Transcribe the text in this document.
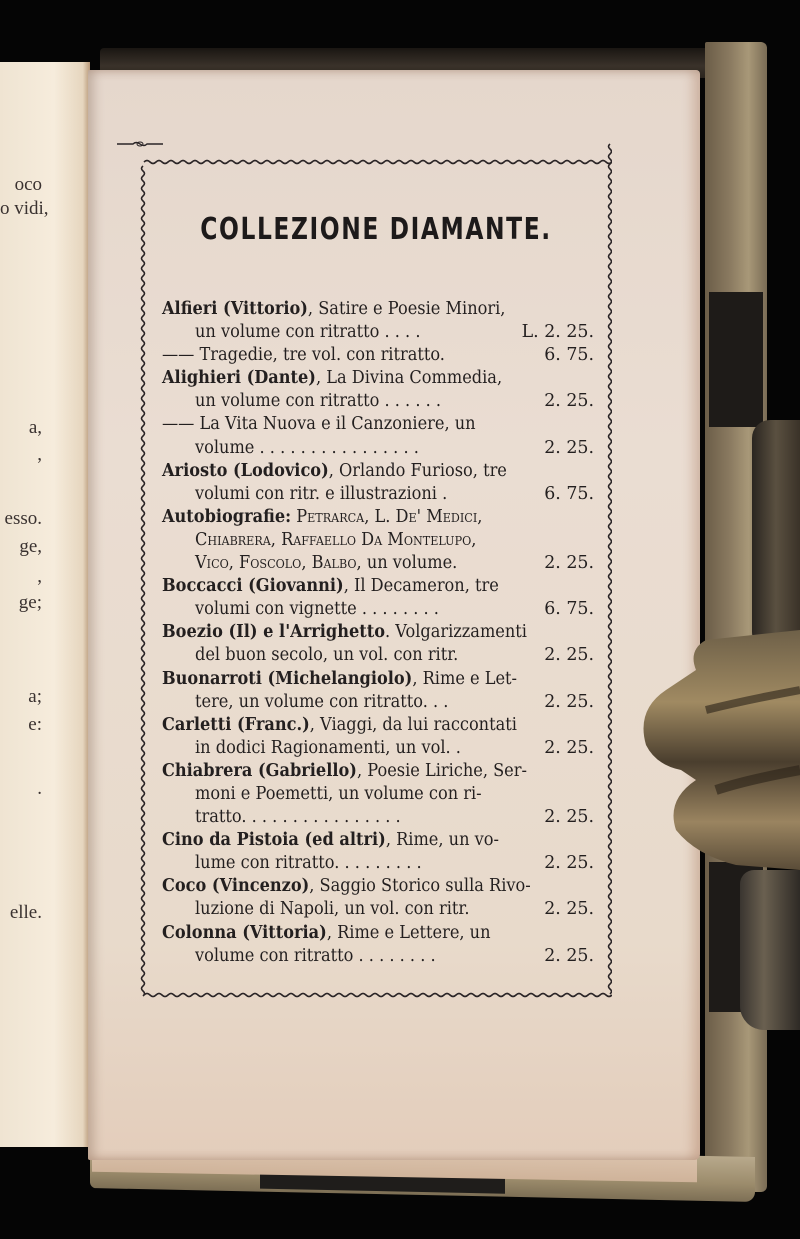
oco
o vidi,
a,
,
esso.
ge,
,
ge;
a;
e:
.
elle.
COLLEZIONE DIAMANTE.
Alfieri (Vittorio), Satire e Poesie Minori,
un volume con ritratto . . . .	L. 2. 25.
—— Tragedie, tre vol. con ritratto.	6. 75.
Alighieri (Dante), La Divina Commedia,
un volume con ritratto . . . . . .	2. 25.
—— La Vita Nuova e il Canzoniere, un
volume . . . . . . . . . . . . . . . .	2. 25.
Ariosto (Lodovico), Orlando Furioso, tre
volumi con ritr. e illustrazioni .	6. 75.
Autobiografie: Petrarca, L. De' Medici,
Chiabrera, Raffaello Da Montelupo,
Vico, Foscolo, Balbo, un volume.	2. 25.
Boccacci (Giovanni), Il Decameron, tre
volumi con vignette . . . . . . . .	6. 75.
Boezio (Il) e l'Arrighetto. Volgarizzamenti
del buon secolo, un vol. con ritr.	2. 25.
Buonarroti (Michelangiolo), Rime e Let-
tere, un volume con ritratto. . .	2. 25.
Carletti (Franc.), Viaggi, da lui raccontati
in dodici Ragionamenti, un vol. .	2. 25.
Chiabrera (Gabriello), Poesie Liriche, Ser-
moni e Poemetti, un volume con ri-
tratto. . . . . . . . . . . . . . . .	2. 25.
Cino da Pistoia (ed altri), Rime, un vo-
lume con ritratto. . . . . . . . .	2. 25.
Coco (Vincenzo), Saggio Storico sulla Rivo-
luzione di Napoli, un vol. con ritr.	2. 25.
Colonna (Vittoria), Rime e Lettere, un
volume con ritratto . . . . . . . .	2. 25.
